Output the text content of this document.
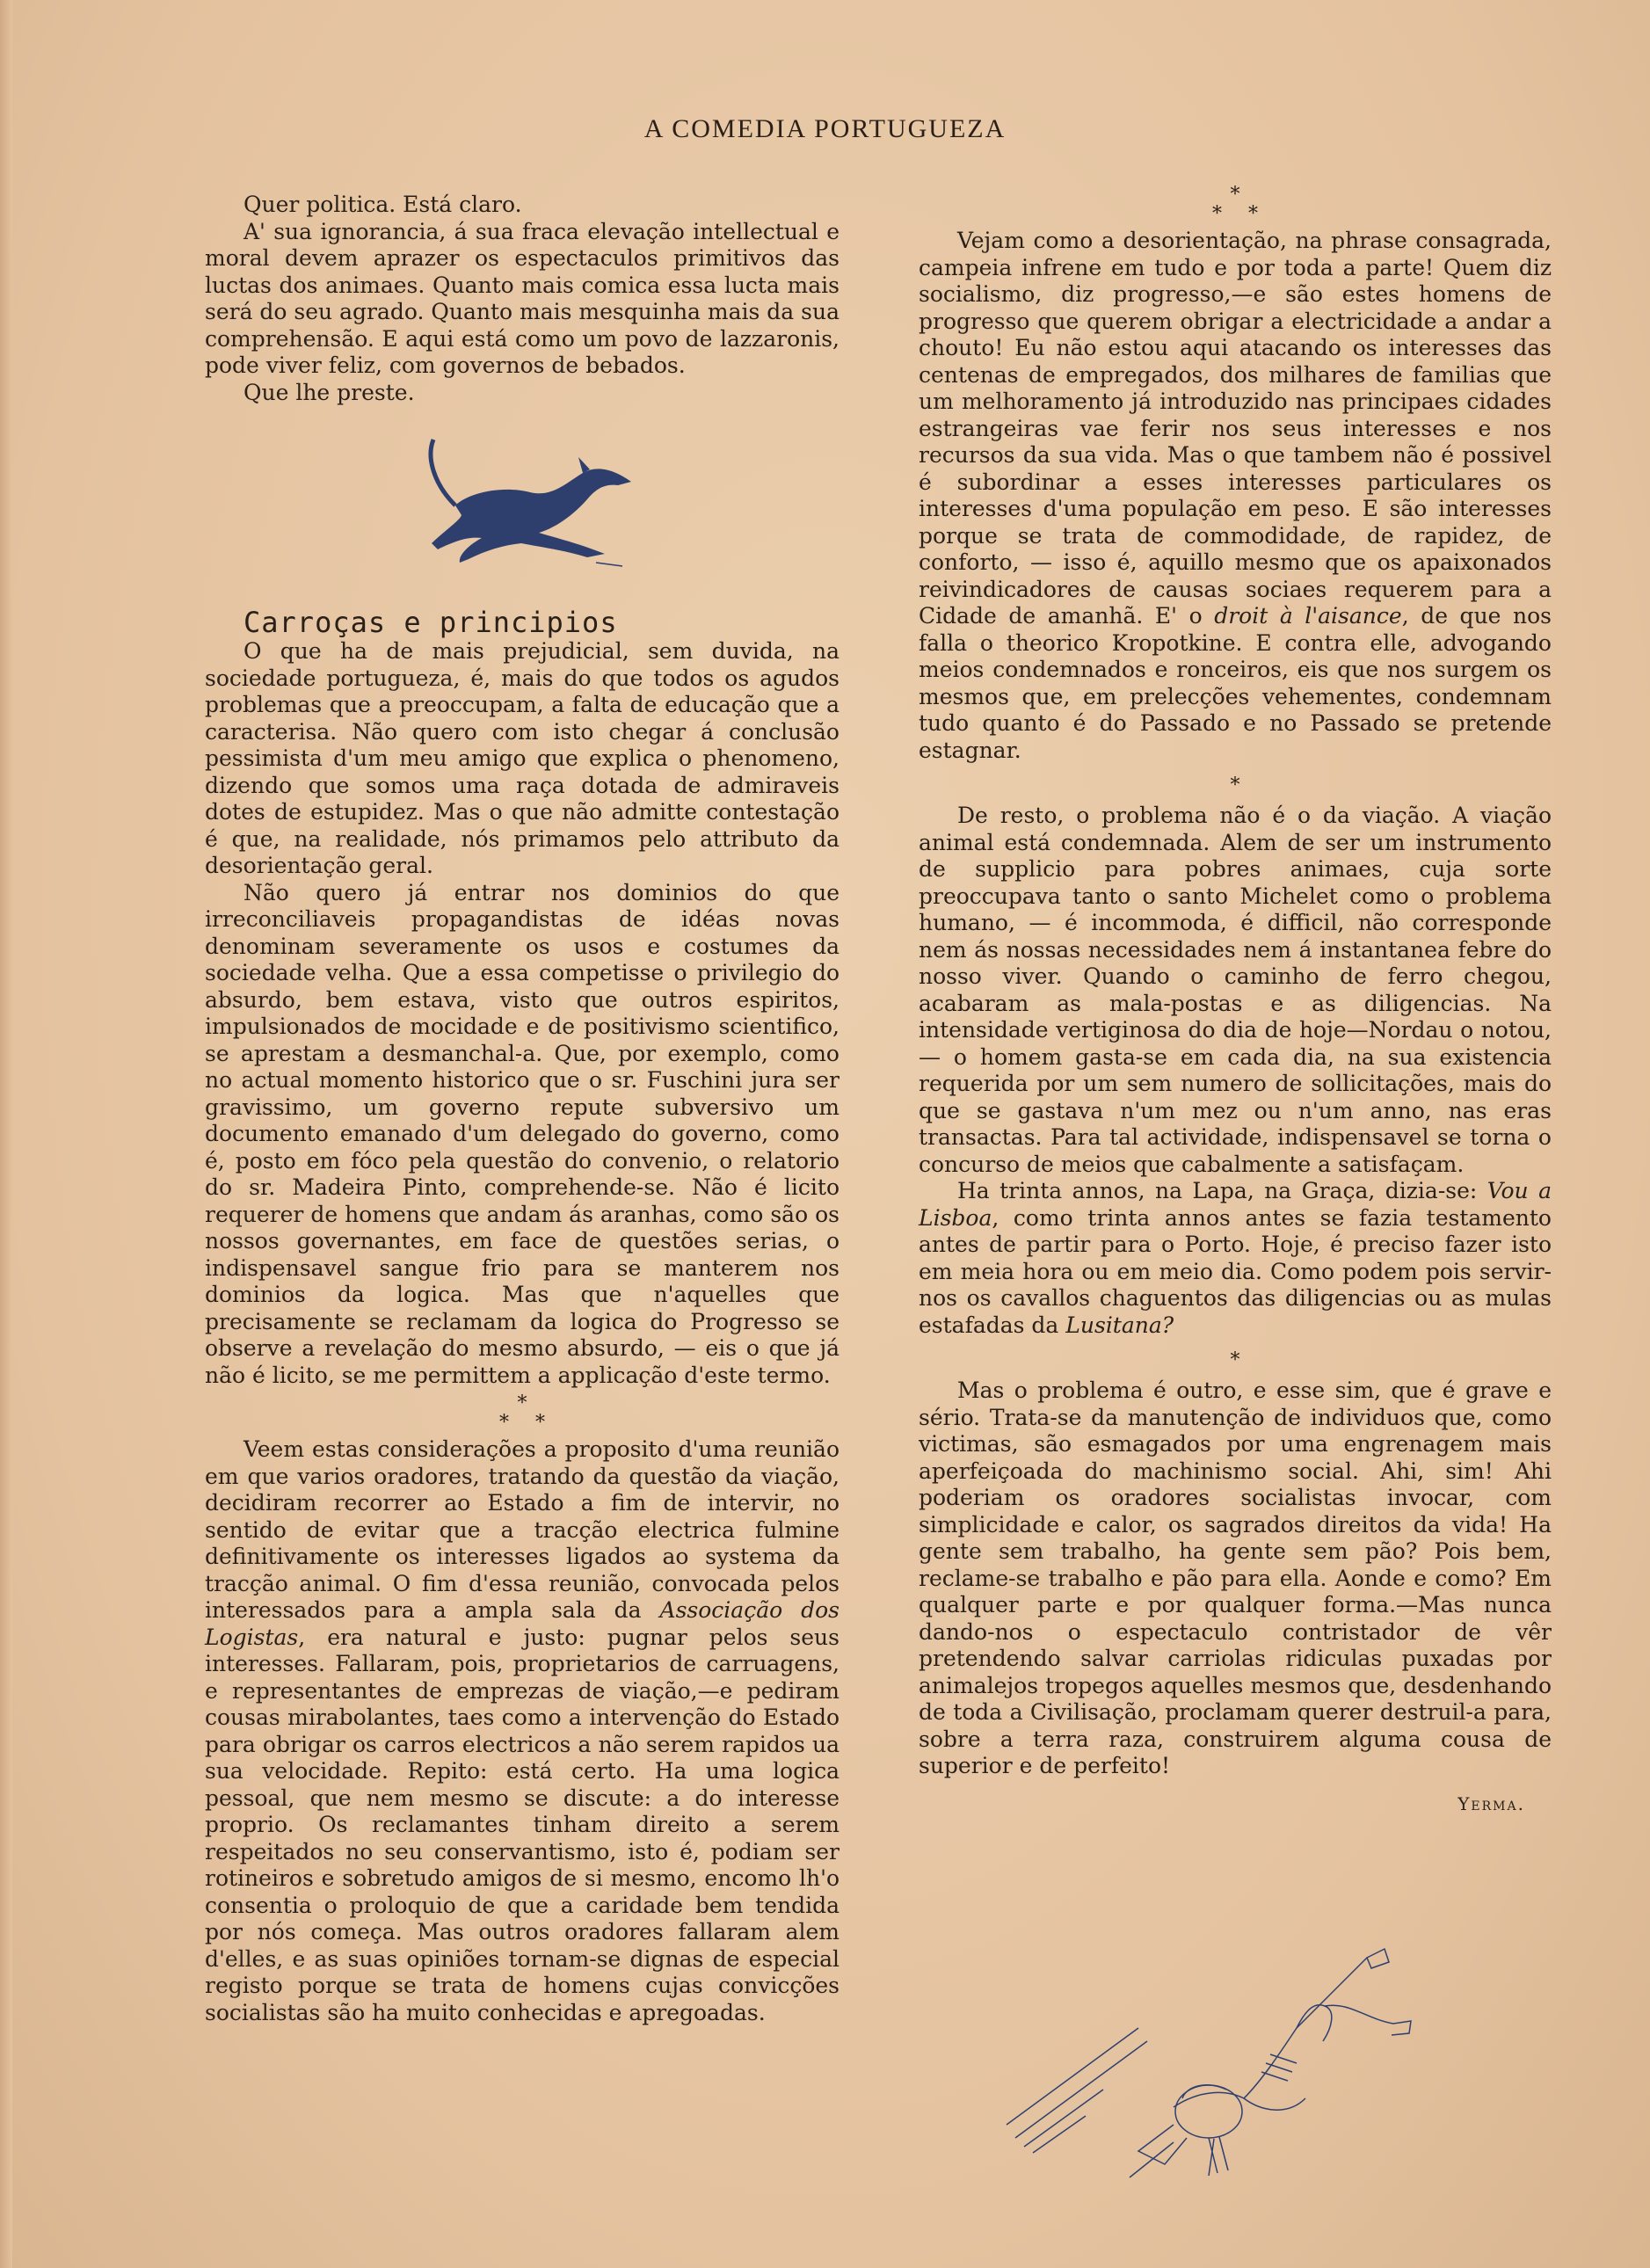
A COMEDIA PORTUGUEZA

Quer politica. Está claro.

A' sua ignorancia, á sua fraca elevação intellectual e moral devem aprazer os espectaculos primitivos das luctas dos animaes. Quanto mais comica essa lucta mais será do seu agrado. Quanto mais mesquinha mais da sua comprehensão. E aqui está como um povo de lazzaronis, pode viver feliz, com governos de bebados.

Que lhe preste.

Carroças e principios

O que ha de mais prejudicial, sem duvida, na sociedade portugueza, é, mais do que todos os agudos problemas que a preoccupam, a falta de educação que a caracterisa. Não quero com isto chegar á conclusão pessimista d'um meu amigo que explica o phenomeno, dizendo que somos uma raça dotada de admiraveis dotes de estupidez. Mas o que não admitte contestação é que, na realidade, nós primamos pelo attributo da desorientação geral.

Não quero já entrar nos dominios do que irreconciliaveis propagandistas de idéas novas denominam severamente os usos e costumes da sociedade velha. Que a essa competisse o privilegio do absurdo, bem estava, visto que outros espiritos, impulsionados de mocidade e de positivismo scientifico, se aprestam a desmanchal-a. Que, por exemplo, como no actual momento historico que o sr. Fuschini jura ser gravissimo, um governo repute subversivo um documento emanado d'um delegado do governo, como é, posto em fóco pela questão do convenio, o relatorio do sr. Madeira Pinto, comprehende-se. Não é licito requerer de homens que andam ás aranhas, como são os nossos governantes, em face de questões serias, o indispensavel sangue frio para se manterem nos dominios da logica. Mas que n'aquelles que precisamente se reclamam da logica do Progresso se observe a revelação do mesmo absurdo, — eis o que já não é licito, se me permittem a applicação d'este termo.

*
**

Veem estas considerações a proposito d'uma reunião em que varios oradores, tratando da questão da viação, decidiram recorrer ao Estado a fim de intervir, no sentido de evitar que a tracção electrica fulmine definitivamente os interesses ligados ao systema da tracção animal. O fim d'essa reunião, convocada pelos interessados para a ampla sala da Associação dos Logistas, era natural e justo: pugnar pelos seus interesses. Fallaram, pois, proprietarios de carruagens, e representantes de emprezas de viação,—e pediram cousas mirabolantes, taes como a intervenção do Estado para obrigar os carros electricos a não serem rapidos ua sua velocidade. Repito: está certo. Ha uma logica pessoal, que nem mesmo se discute: a do interesse proprio. Os reclamantes tinham direito a serem respeitados no seu conservantismo, isto é, podiam ser rotineiros e sobretudo amigos de si mesmo, encomo lh'o consentia o proloquio de que a caridade bem tendida por nós começa. Mas outros oradores fallaram alem d'elles, e as suas opiniões tornam-se dignas de especial registo porque se trata de homens cujas convicções socialistas são ha muito conhecidas e apregoadas.

*
**

Vejam como a desorientação, na phrase consagrada, campeia infrene em tudo e por toda a parte! Quem diz socialismo, diz progresso,—e são estes homens de progresso que querem obrigar a electricidade a andar a chouto! Eu não estou aqui atacando os interesses das centenas de empregados, dos milhares de familias que um melhoramento já introduzido nas principaes cidades estrangeiras vae ferir nos seus interesses e nos recursos da sua vida. Mas o que tambem não é possivel é subordinar a esses interesses particulares os interesses d'uma população em peso. E são interesses porque se trata de commodidade, de rapidez, de conforto, — isso é, aquillo mesmo que os apaixonados reivindicadores de causas sociaes requerem para a Cidade de amanhã. E' o droit à l'aisance, de que nos falla o theorico Kropotkine. E contra elle, advogando meios condemnados e ronceiros, eis que nos surgem os mesmos que, em prelecções vehementes, condemnam tudo quanto é do Passado e no Passado se pretende estagnar.

*

De resto, o problema não é o da viação. A viação animal está condemnada. Alem de ser um instrumento de supplicio para pobres animaes, cuja sorte preoccupava tanto o santo Michelet como o problema humano, — é incommoda, é difficil, não corresponde nem ás nossas necessidades nem á instantanea febre do nosso viver. Quando o caminho de ferro chegou, acabaram as mala-postas e as diligencias. Na intensidade vertiginosa do dia de hoje—Nordau o notou, — o homem gasta-se em cada dia, na sua existencia requerida por um sem numero de sollicitações, mais do que se gastava n'um mez ou n'um anno, nas eras transactas. Para tal actividade, indispensavel se torna o concurso de meios que cabalmente a satisfaçam.

Ha trinta annos, na Lapa, na Graça, dizia-se: Vou a Lisboa, como trinta annos antes se fazia testamento antes de partir para o Porto. Hoje, é preciso fazer isto em meia hora ou em meio dia. Como podem pois servir-nos os cavallos chaguentos das diligencias ou as mulas estafadas da Lusitana?

*

Mas o problema é outro, e esse sim, que é grave e sério. Trata-se da manutenção de individuos que, como victimas, são esmagados por uma engrenagem mais aperfeiçoada do machinismo social. Ahi, sim! Ahi poderiam os oradores socialistas invocar, com simplicidade e calor, os sagrados direitos da vida! Ha gente sem trabalho, ha gente sem pão? Pois bem, reclame-se trabalho e pão para ella. Aonde e como? Em qualquer parte e por qualquer forma.—Mas nunca dando-nos o espectaculo contristador de vêr pretendendo salvar carriolas ridiculas puxadas por animalejos tropegos aquelles mesmos que, desdenhando de toda a Civilisação, proclamam querer destruil-a para, sobre a terra raza, construirem alguma cousa de superior e de perfeito!

Yerma.
